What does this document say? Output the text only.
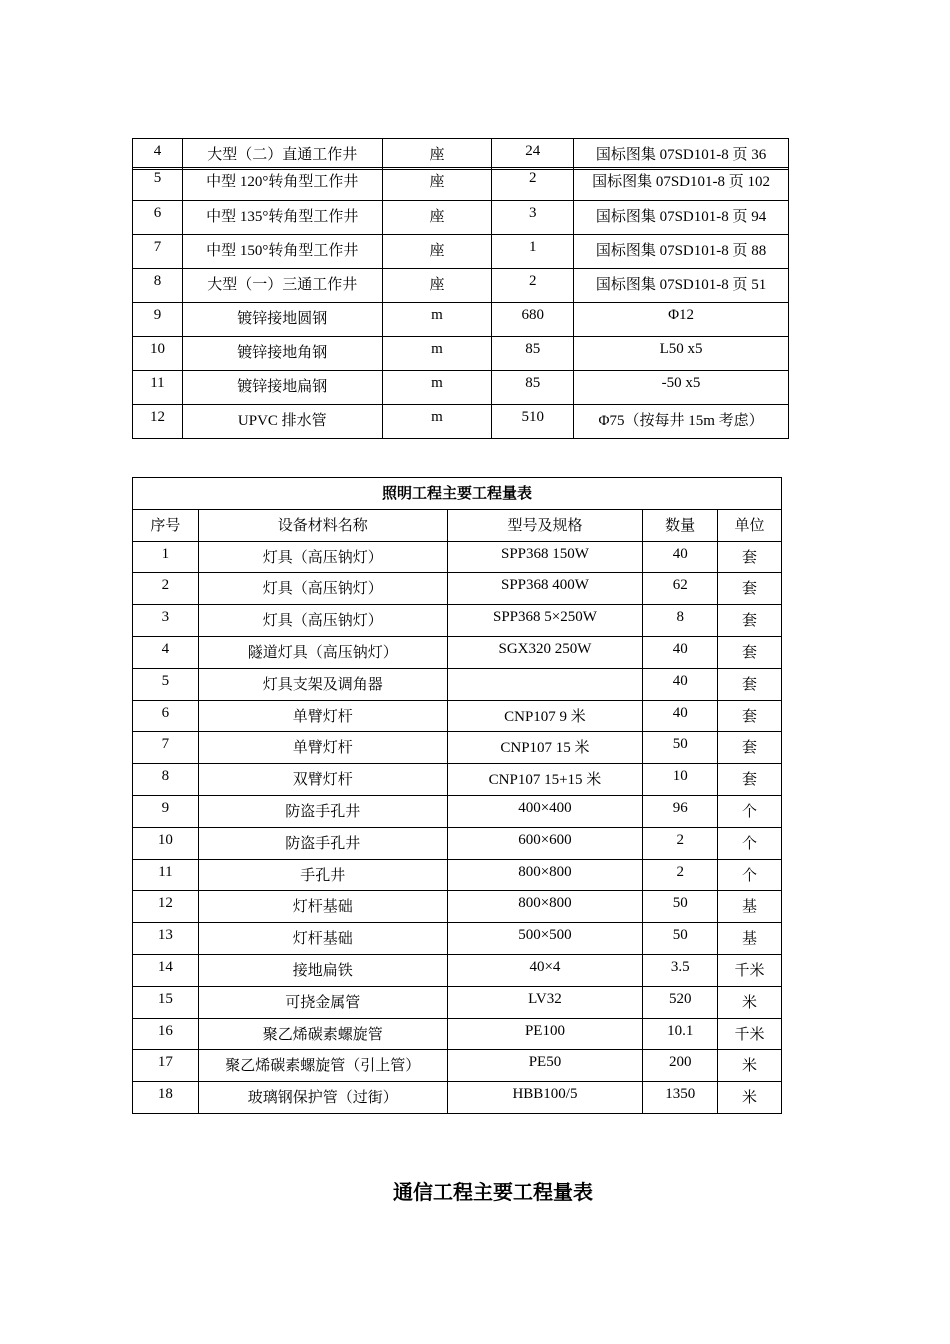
4	大型（二）直通工作井	座	24	国标图集 07SD101-8 页 36
5	中型 120°转角型工作井	座	2	国标图集 07SD101-8 页 102
6	中型 135°转角型工作井	座	3	国标图集 07SD101-8 页 94
7	中型 150°转角型工作井	座	1	国标图集 07SD101-8 页 88
8	大型（一）三通工作井	座	2	国标图集 07SD101-8 页 51
9	镀锌接地圆钢	m	680	Φ12
10	镀锌接地角钢	m	85	L50 x5
11	镀锌接地扁钢	m	85	-50 x5
12	UPVC 排水管	m	510	Φ75（按每井 15m 考虑）
照明工程主要工程量表				
序号	设备材料名称	型号及规格	数量	单位
1	灯具（高压钠灯）	SPP368 150W	40	套
2	灯具（高压钠灯）	SPP368 400W	62	套
3	灯具（高压钠灯）	SPP368 5×250W	8	套
4	隧道灯具（高压钠灯）	SGX320 250W	40	套
5	灯具支架及调角器		40	套
6	单臂灯杆	CNP107 9 米	40	套
7	单臂灯杆	CNP107 15 米	50	套
8	双臂灯杆	CNP107 15+15 米	10	套
9	防盗手孔井	400×400	96	个
10	防盗手孔井	600×600	2	个
11	手孔井	800×800	2	个
12	灯杆基础	800×800	50	基
13	灯杆基础	500×500	50	基
14	接地扁铁	40×4	3.5	千米
15	可挠金属管	LV32	520	米
16	聚乙烯碳素螺旋管	PE100	10.1	千米
17	聚乙烯碳素螺旋管（引上管）	PE50	200	米
18	玻璃钢保护管（过街）	HBB100/5	1350	米
通信工程主要工程量表
